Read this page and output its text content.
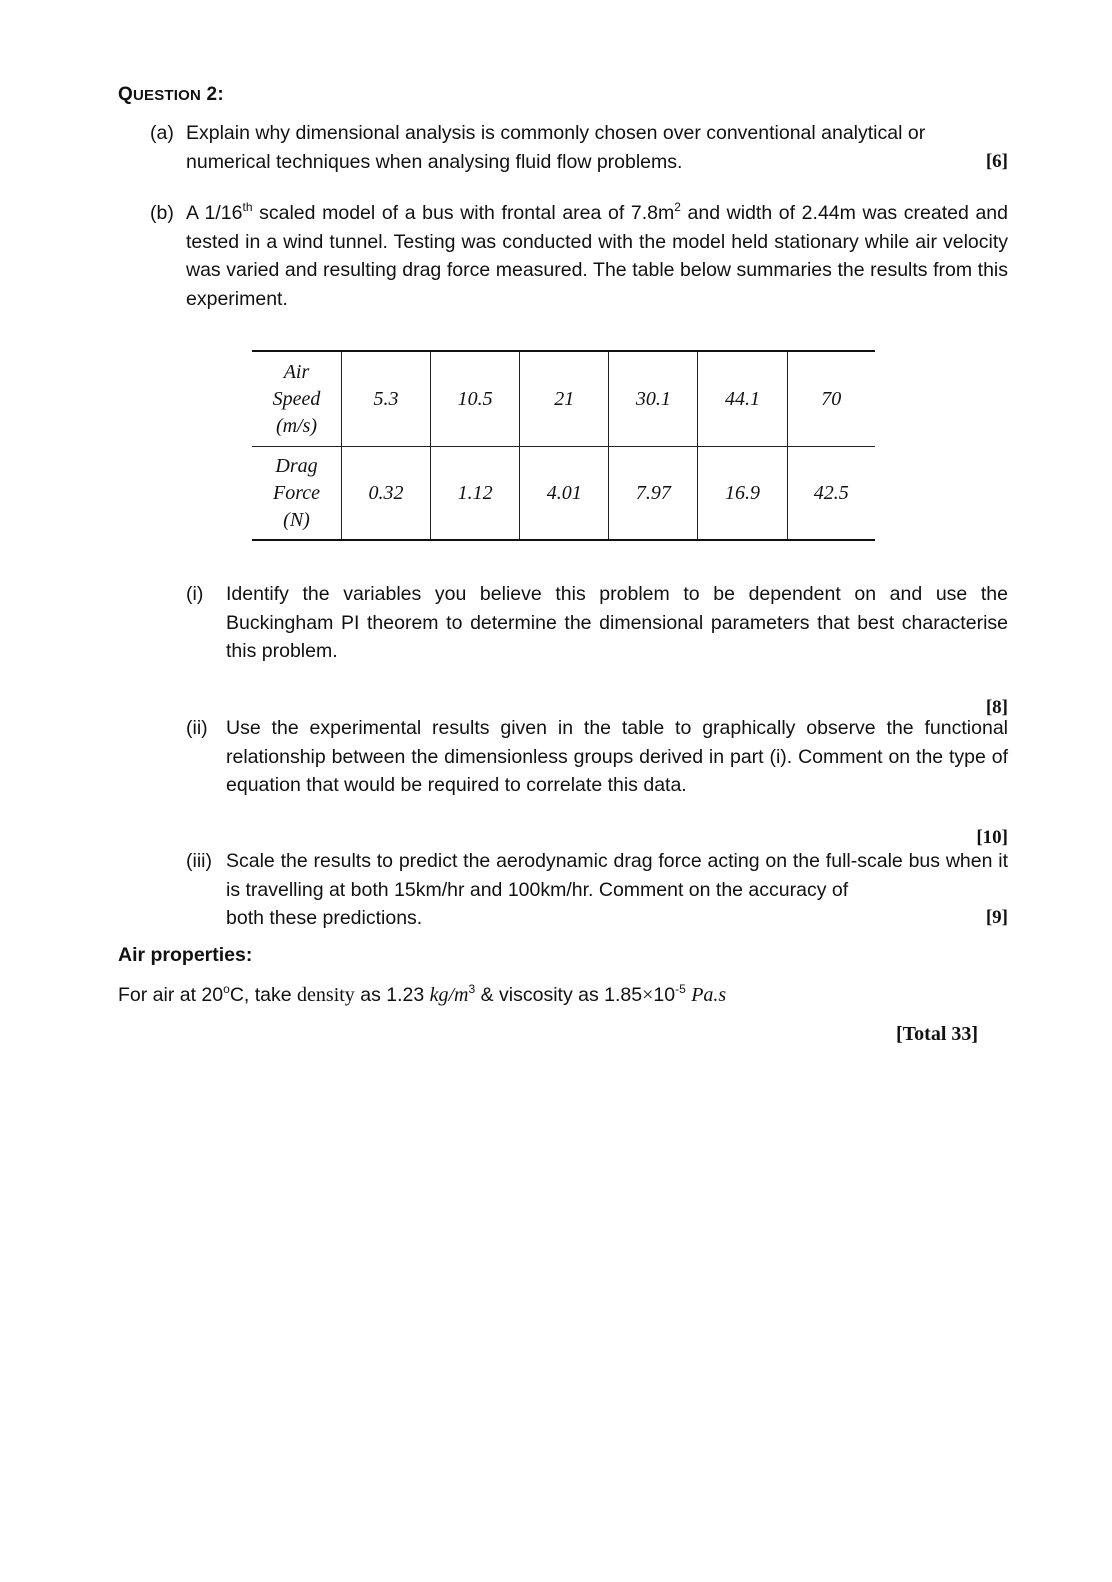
QUESTION 2:
(a) Explain why dimensional analysis is commonly chosen over conventional analytical or
numerical techniques when analysing fluid flow problems.	[6]
(b) A 1/16th scaled model of a bus with frontal area of $7.8m^2$ and width of 2.44m was created and tested in a wind tunnel. Testing was conducted with the model held stationary while air velocity was varied and resulting drag force measured. The table below summaries the results from this experiment.
Air
Speed
(m/s)	5.3	10.5	21	30.1	44.1	70

Drag
Force
(N)	0.32	1.12	4.01	7.97	16.9	42.5
(i) Identify the variables you believe this problem to be dependent on and use the Buckingham PI theorem to determine the dimensional parameters that best characterise this problem.
[8]
(ii) Use the experimental results given in the table to graphically observe the functional relationship between the dimensionless groups derived in part (i). Comment on the type of equation that would be required to correlate this data.
[10]
(iii) Scale the results to predict the aerodynamic drag force acting on the full-scale bus when it is travelling at both 15km/hr and 100km/hr. Comment on the accuracy of
both these predictions.	[9]
Air properties:
For air at 20$^o$C, take density as 1.23 $kg/m^3$ & viscosity as $1.85\times 10^{-5}$ Pa.s
[Total 33]
